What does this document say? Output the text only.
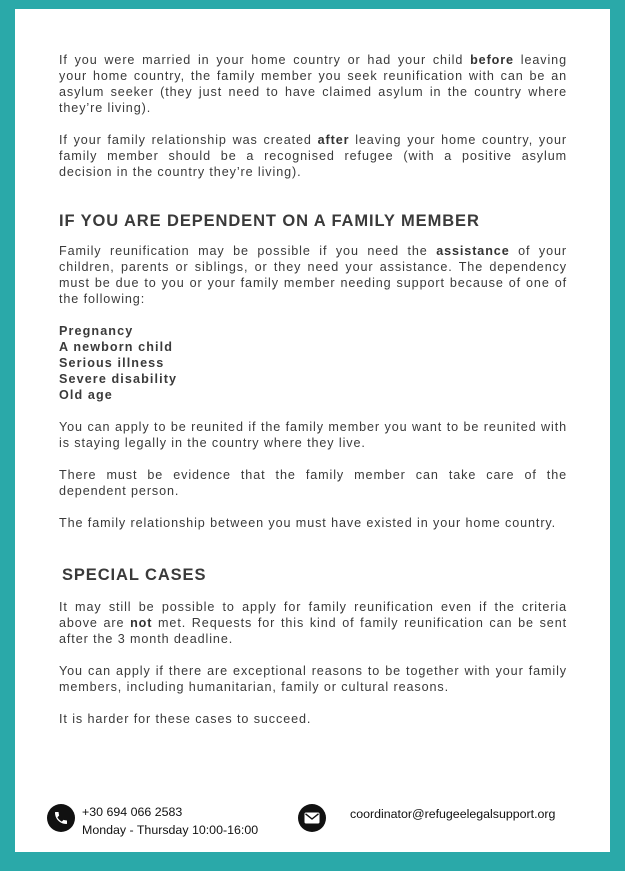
If you were married in your home country or had your child before leaving your home country, the family member you seek reunification with can be an asylum seeker (they just need to have claimed asylum in the country where they’re living).

If your family relationship was created after leaving your home country, your family member should be a recognised refugee (with a positive asylum decision in the country they’re living).

IF YOU ARE DEPENDENT ON A FAMILY MEMBER

Family reunification may be possible if you need the assistance of your children, parents or siblings, or they need your assistance. The dependency must be due to you or your family member needing support because of one of the following:

Pregnancy
A newborn child
Serious illness
Severe disability
Old age

You can apply to be reunited if the family member you want to be reunited with is staying legally in the country where they live.

There must be evidence that the family member can take care of the dependent person.

The family relationship between you must have existed in your home country.

SPECIAL CASES

It may still be possible to apply for family reunification even if the criteria above are not met. Requests for this kind of family reunification can be sent after the 3 month deadline.

You can apply if there are exceptional reasons to be together with your family members, including humanitarian, family or cultural reasons.

It is harder for these cases to succeed.

+30 694 066 2583
Monday - Thursday 10:00-16:00
coordinator@refugeelegalsupport.org
